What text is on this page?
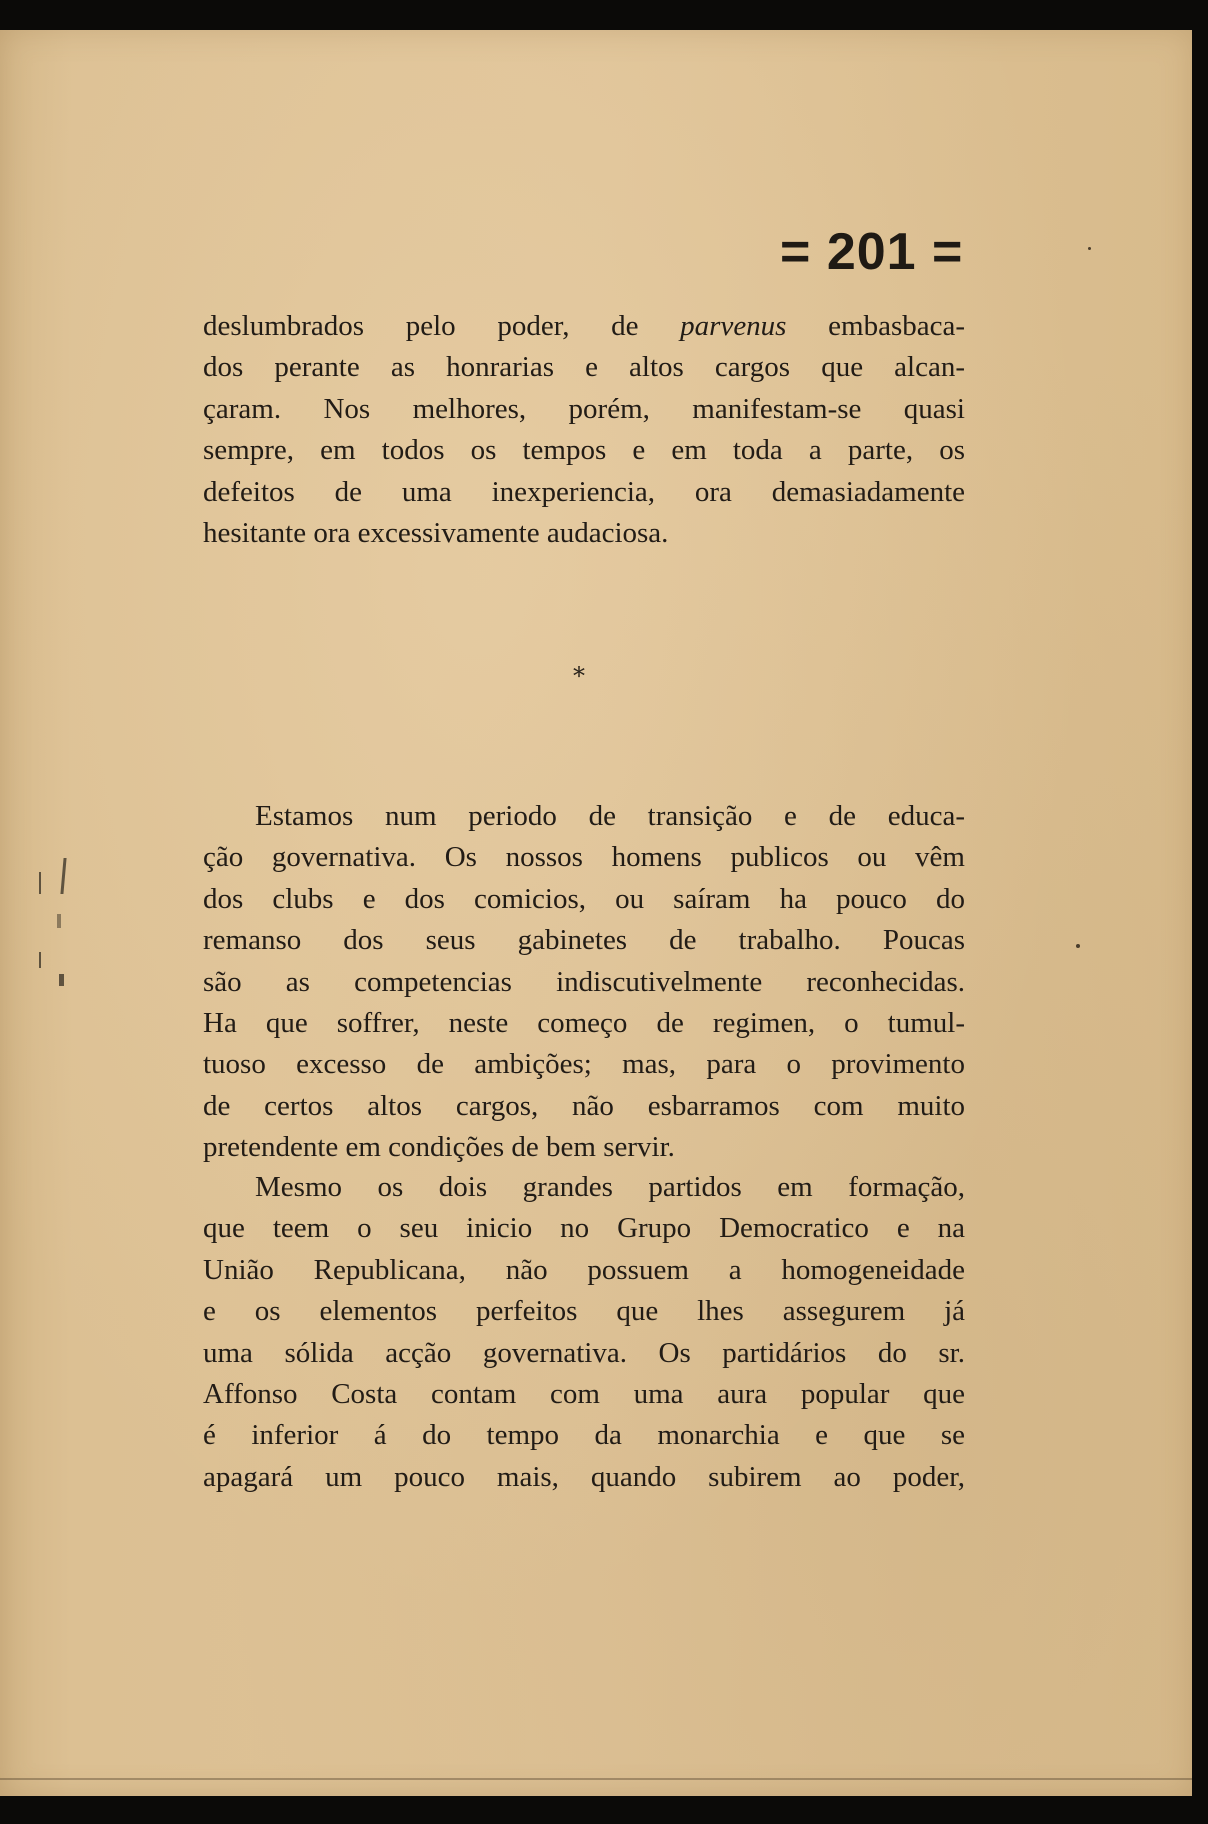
= 201 =
deslumbrados pelo poder, de parvenus embasbaca-
dos perante as honrarias e altos cargos que alcan-
çaram. Nos melhores, porém, manifestam-se quasi
sempre, em todos os tempos e em toda a parte, os
defeitos de uma inexperiencia, ora demasiadamente
hesitante ora excessivamente audaciosa.
*
Estamos num periodo de transição e de educa-
ção governativa. Os nossos homens publicos ou vêm
dos clubs e dos comicios, ou saíram ha pouco do
remanso dos seus gabinetes de trabalho. Poucas
são as competencias indiscutivelmente reconhecidas.
Ha que soffrer, neste começo de regimen, o tumul-
tuoso excesso de ambições; mas, para o provimento
de certos altos cargos, não esbarramos com muito
pretendente em condições de bem servir.
Mesmo os dois grandes partidos em formação,
que teem o seu inicio no Grupo Democratico e na
União Republicana, não possuem a homogeneidade
e os elementos perfeitos que lhes assegurem já
uma sólida acção governativa. Os partidários do sr.
Affonso Costa contam com uma aura popular que
é inferior á do tempo da monarchia e que se
apagará um pouco mais, quando subirem ao poder,
